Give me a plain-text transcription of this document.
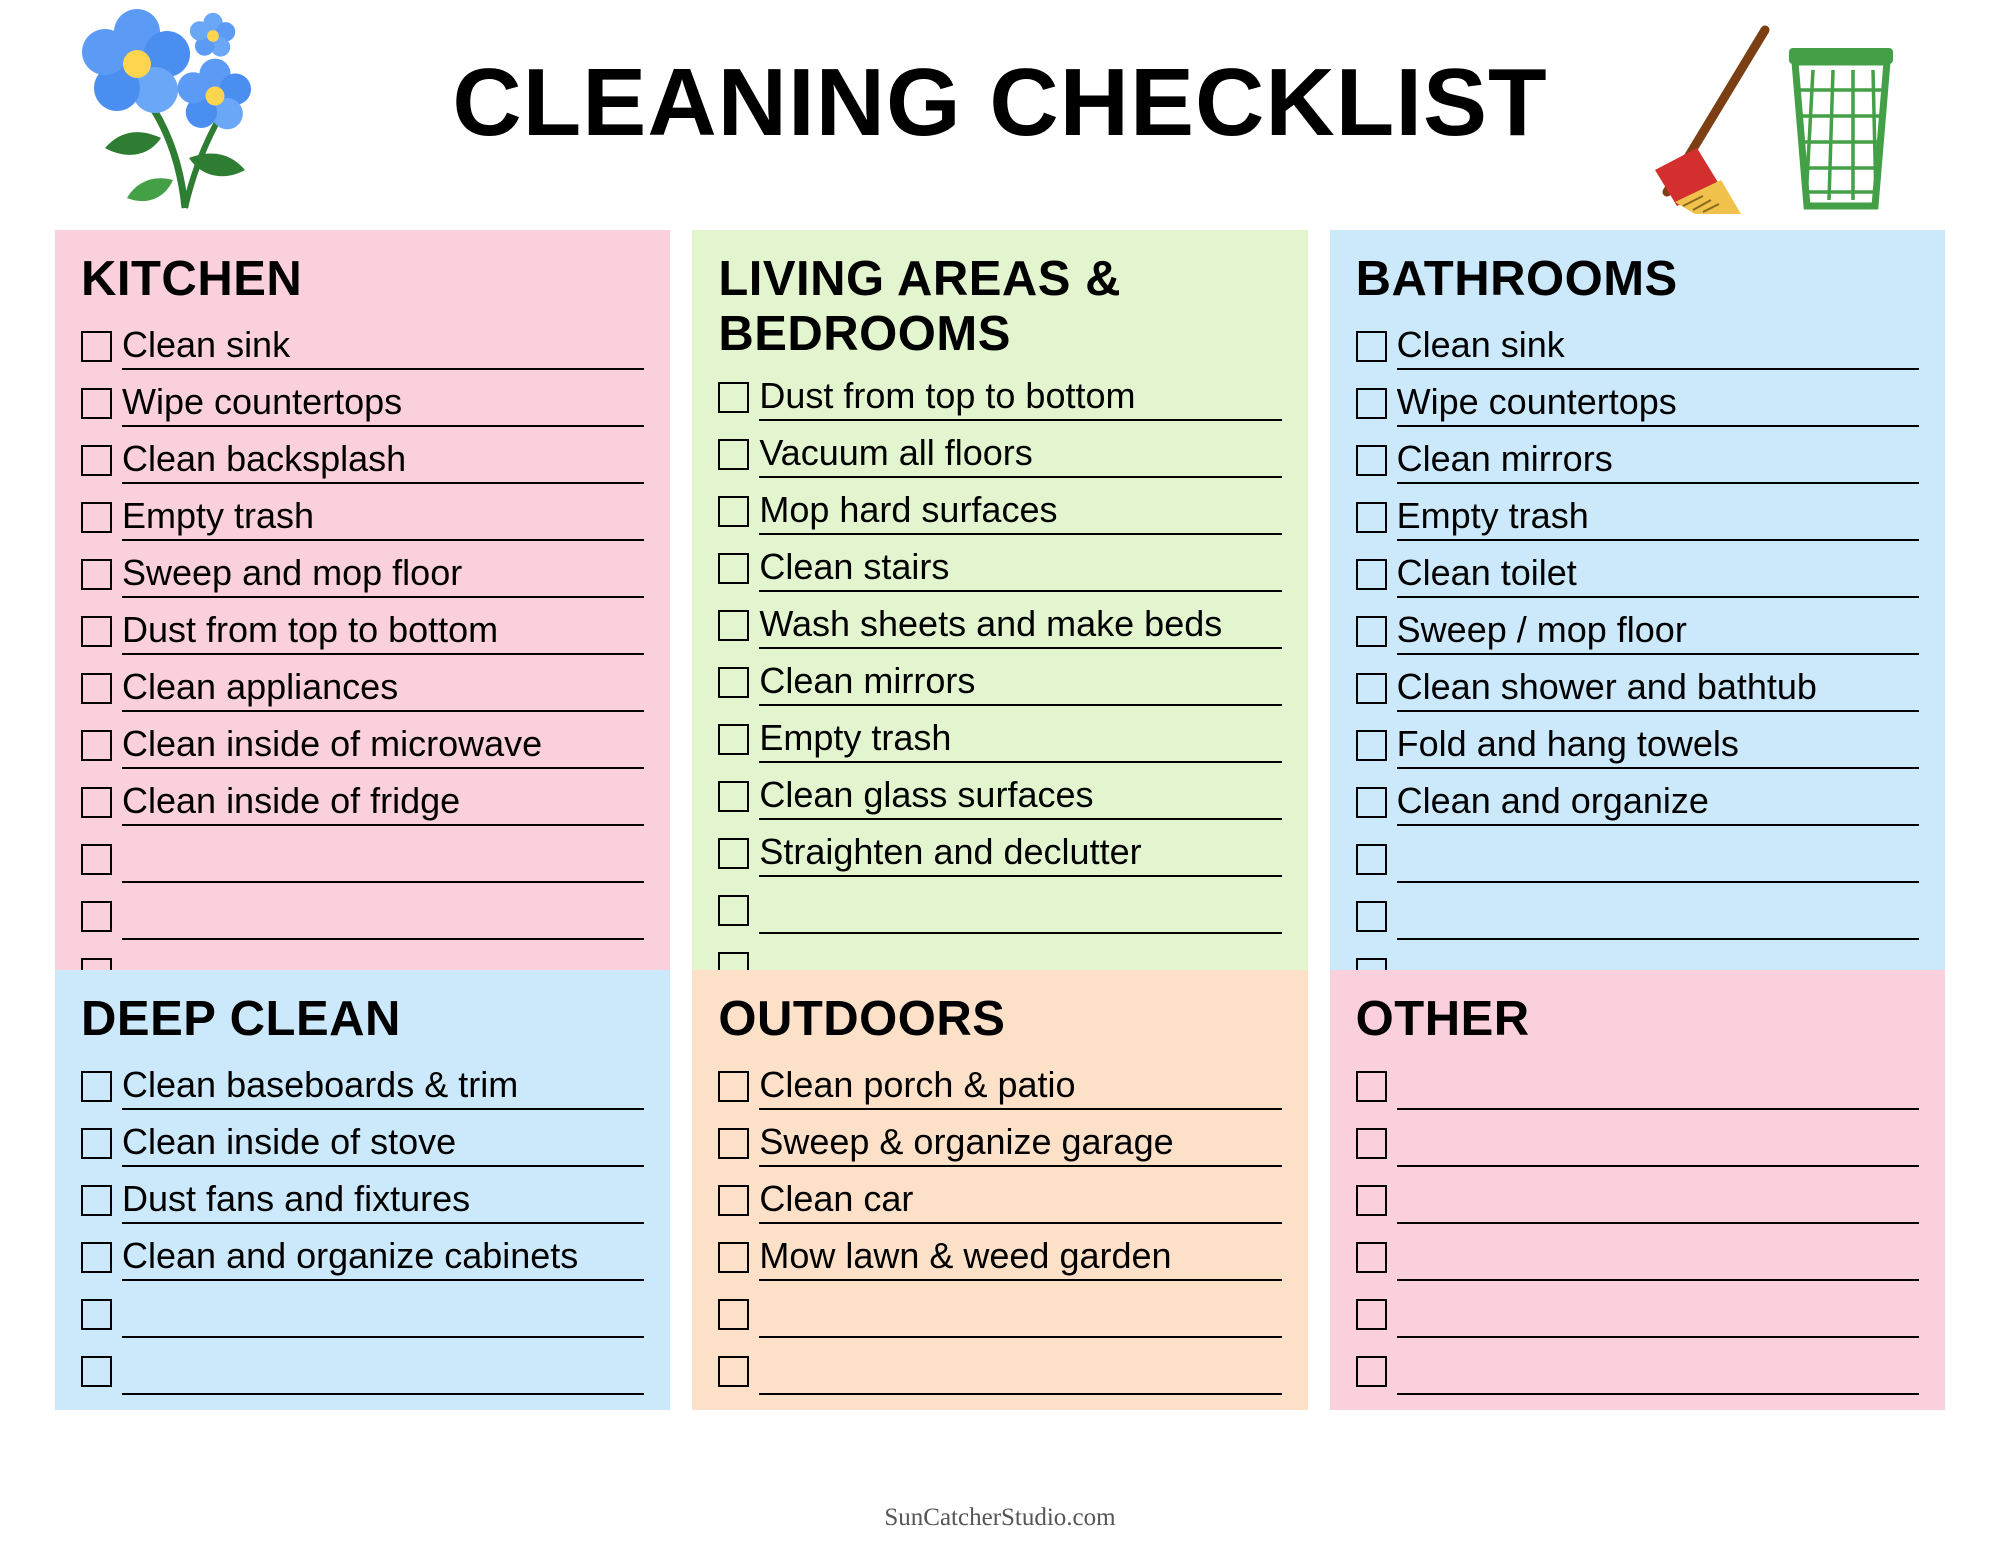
CLEANING CHECKLIST
KITCHEN
Clean sink
Wipe countertops
Clean backsplash
Empty trash
Sweep and mop floor
Dust from top to bottom
Clean appliances
Clean inside of microwave
Clean inside of fridge
LIVING AREAS & BEDROOMS
Dust from top to bottom
Vacuum all floors
Mop hard surfaces
Clean stairs
Wash sheets and make beds
Clean mirrors
Empty trash
Clean glass surfaces
Straighten and declutter
BATHROOMS
Clean sink
Wipe countertops
Clean mirrors
Empty trash
Clean toilet
Sweep / mop floor
Clean shower and bathtub
Fold and hang towels
Clean and organize
DEEP CLEAN
Clean baseboards & trim
Clean inside of stove
Dust fans and fixtures
Clean and organize cabinets
OUTDOORS
Clean porch & patio
Sweep & organize garage
Clean car
Mow lawn & weed garden
OTHER
SunCatcherStudio.com
